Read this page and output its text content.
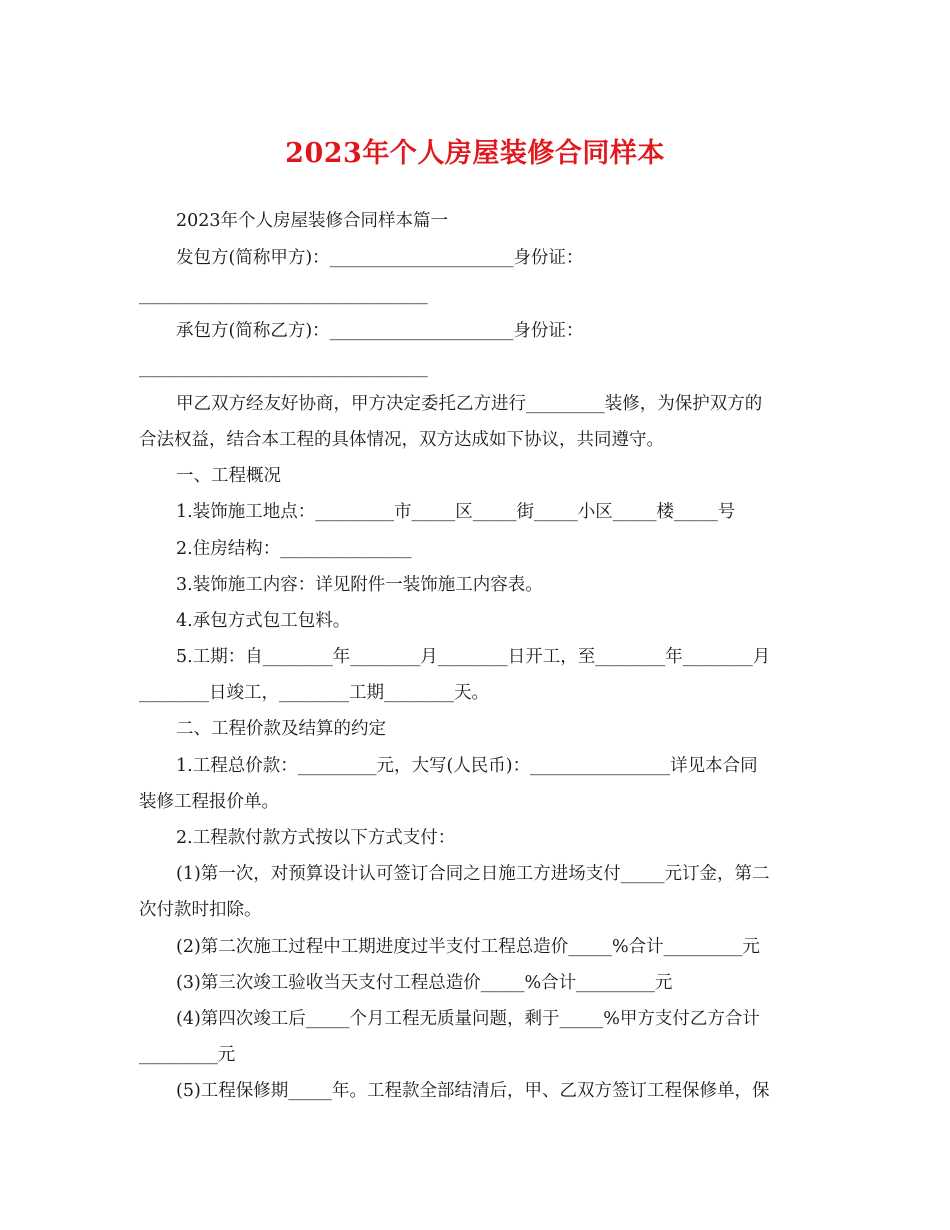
2023年个人房屋装修合同样本
2023年个人房屋装修合同样本篇一
发包方(简称甲方)：_____________________身份证：
_________________________________
承包方(简称乙方)：_____________________身份证：
_________________________________
甲乙双方经友好协商，甲方决定委托乙方进行_________装修，为保护双方的
合法权益，结合本工程的具体情况，双方达成如下协议，共同遵守。
一、工程概况
1.装饰施工地点：_________市_____区_____街_____小区_____楼_____号
2.住房结构：_______________
3.装饰施工内容：详见附件一装饰施工内容表。
4.承包方式包工包料。
5.工期：自________年________月________日开工，至________年________月
________日竣工，________工期________天。
二、工程价款及结算的约定
1.工程总价款：_________元，大写(人民币)：________________详见本合同
装修工程报价单。
2.工程款付款方式按以下方式支付：
(1)第一次，对预算设计认可签订合同之日施工方进场支付_____元订金，第二
次付款时扣除。
(2)第二次施工过程中工期进度过半支付工程总造价_____%合计_________元
(3)第三次竣工验收当天支付工程总造价_____%合计_________元
(4)第四次竣工后_____个月工程无质量问题，剩于_____%甲方支付乙方合计
_________元
(5)工程保修期_____年。工程款全部结清后，甲、乙双方签订工程保修单，保
